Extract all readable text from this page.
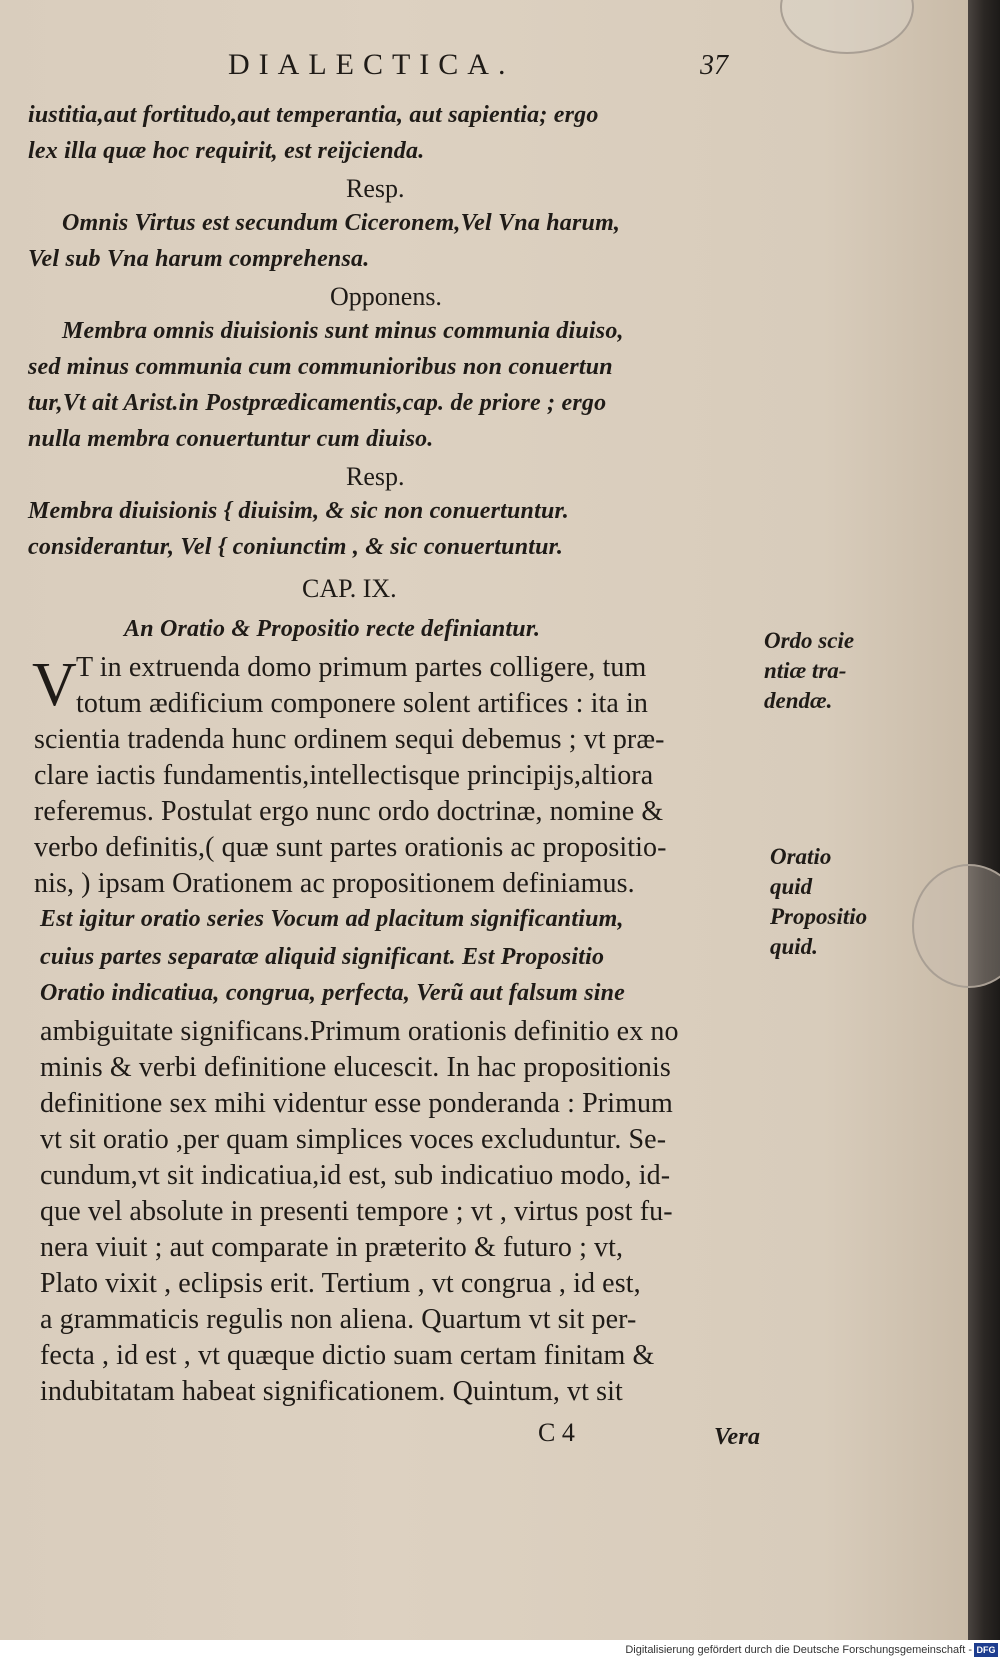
DIALECTICA.	37
iustitia,aut fortitudo,aut temperantia, aut sapientia; ergo
lex illa quæ hoc requirit, est reijcienda.
Resp.
Omnis Virtus est secundum Ciceronem,Vel Vna harum,
Vel sub Vna harum comprehensa.
Opponens.
Membra omnis diuisionis sunt minus communia diuiso,
sed minus communia cum communioribus non conuertun
tur,Vt ait Arist.in Postprædicamentis,cap. de priore ; ergo
nulla membra conuertuntur cum diuiso.
Resp.
Membra diuisionis { diuisim, & sic non conuertuntur.
considerantur, Vel { coniunctim , & sic conuertuntur.
CAP. IX.
An Oratio & Propositio recte definiantur.
V T in extruenda domo primum partes colligere, tum
totum ædificium componere solent artifices : ita in
scientia tradenda hunc ordinem sequi debemus ; vt præ-
clare iactis fundamentis,intellectisque principijs,altiora
referemus. Postulat ergo nunc ordo doctrinæ, nomine &
verbo definitis,( quæ sunt partes orationis ac propositio-
nis, ) ipsam Orationem ac propositionem definiamus.
Est igitur oratio series Vocum ad placitum significantium,
cuius partes separatæ aliquid significant. Est Propositio
Oratio indicatiua, congrua, perfecta, Verũ aut falsum sine
ambiguitate significans.Primum orationis definitio ex no
minis & verbi definitione elucescit. In hac propositionis
definitione sex mihi videntur esse ponderanda : Primum
vt sit oratio ,per quam simplices voces excluduntur. Se-
cundum,vt sit indicatiua,id est, sub indicatiuo modo, id-
que vel absolute in presenti tempore ; vt , virtus post fu-
nera viuit ; aut comparate in præterito & futuro ; vt,
Plato vixit , eclipsis erit. Tertium , vt congrua , id est,
a grammaticis regulis non aliena. Quartum vt sit per-
fecta , id est , vt quæque dictio suam certam finitam &
indubitatam habeat significationem. Quintum, vt sit
C 4	Vera
Ordo scie
ntiæ tra-
dendæ.
Oratio
quid
Propositio
quid.
Digitalisierung gefördert durch die Deutsche Forschungsgemeinschaft - DFG
